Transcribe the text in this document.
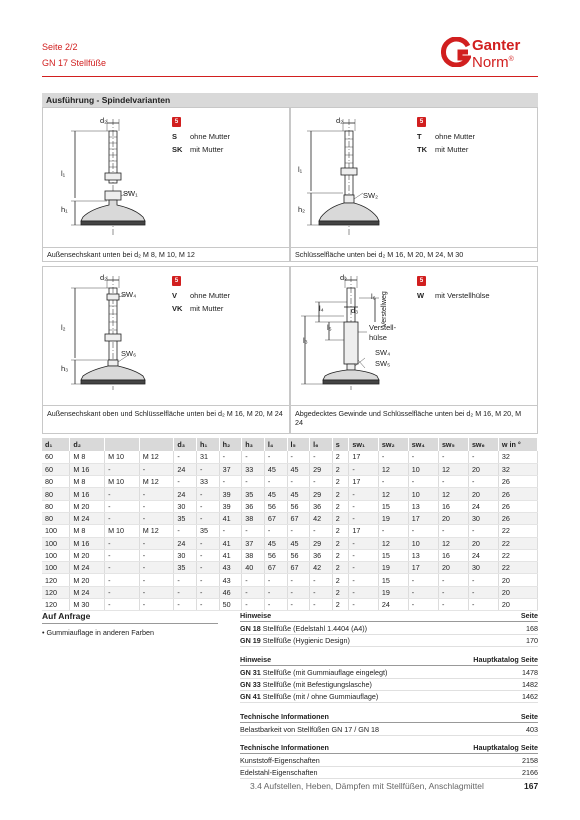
Seite 2/2
GN 17 Stellfüße
Ganter
Norm®
Ausführung - Spindelvarianten
d₂
l₁
h₁
SW₁
5
S ohne Mutter
SK mit Mutter
Außensechskant unten bei d₂ M 8, M 10, M 12
d₂
l₁
h₂
SW₂
5
T ohne Mutter
TK mit Mutter
Schlüsselfläche unten bei d₂ M 16, M 20, M 24, M 30
d₂
SW₄
l₂
h₃
SW₆
5
V ohne Mutter
VK mit Mutter
Außensechskant oben und Schlüsselfläche unten bei d₂ M 16, M 20, M 24
d₂
l₆
l₄	d₃
l₅
l₃
Verstell-hülse
Verstellweg
SW₄
SW₅
5
W mit Verstellhülse
Abgedecktes Gewinde und Schlüsselfläche unten bei d₂ M 16, M 20, M 24
d₁	d₂			d₃	h₁	h₂	h₃	l₄	l₅	l₆	s	sw₁	sw₂	sw₄	sw₅	sw₆	w in °
60	M 8	M 10	M 12	-	31	-	-	-	-	-	2	17	-	-	-	-	32
60	M 16	-	-	24	-	37	33	45	45	29	2	-	12	10	12	20	32
80	M 8	M 10	M 12	-	33	-	-	-	-	-	2	17	-	-	-	-	26
80	M 16	-	-	24	-	39	35	45	45	29	2	-	12	10	12	20	26
80	M 20	-	-	30	-	39	36	56	56	36	2	-	15	13	16	24	26
80	M 24	-	-	35	-	41	38	67	67	42	2	-	19	17	20	30	26
100	M 8	M 10	M 12	-	35	-	-	-	-	-	2	17	-	-	-	-	22
100	M 16	-	-	24	-	41	37	45	45	29	2	-	12	10	12	20	22
100	M 20	-	-	30	-	41	38	56	56	36	2	-	15	13	16	24	22
100	M 24	-	-	35	-	43	40	67	67	42	2	-	19	17	20	30	22
120	M 20	-	-	-	-	43	-	-	-	-	2	-	15	-	-	-	20
120	M 24	-	-	-	-	46	-	-	-	-	2	-	19	-	-	-	20
120	M 30	-	-	-	-	50	-	-	-	-	2	-	24	-	-	-	20
Auf Anfrage
• Gummiauflage in anderen Farben
Hinweise	Seite
GN 18 Stellfüße (Edelstahl 1.4404 (A4))	168
GN 19 Stellfüße (Hygienic Design)	170
Hinweise	Hauptkatalog Seite
GN 31 Stellfüße (mit Gummiauflage eingelegt)	1478
GN 33 Stellfüße (mit Befestigungslasche)	1482
GN 41 Stellfüße (mit / ohne Gummiauflage)	1462
Technische Informationen	Seite
Belastbarkeit von Stellfüßen GN 17 / GN 18	403
Technische Informationen	Hauptkatalog Seite
Kunststoff-Eigenschaften	2158
Edelstahl-Eigenschaften	2166
3.4 Aufstellen, Heben, Dämpfen mit Stellfüßen, Anschlagmittel	167
